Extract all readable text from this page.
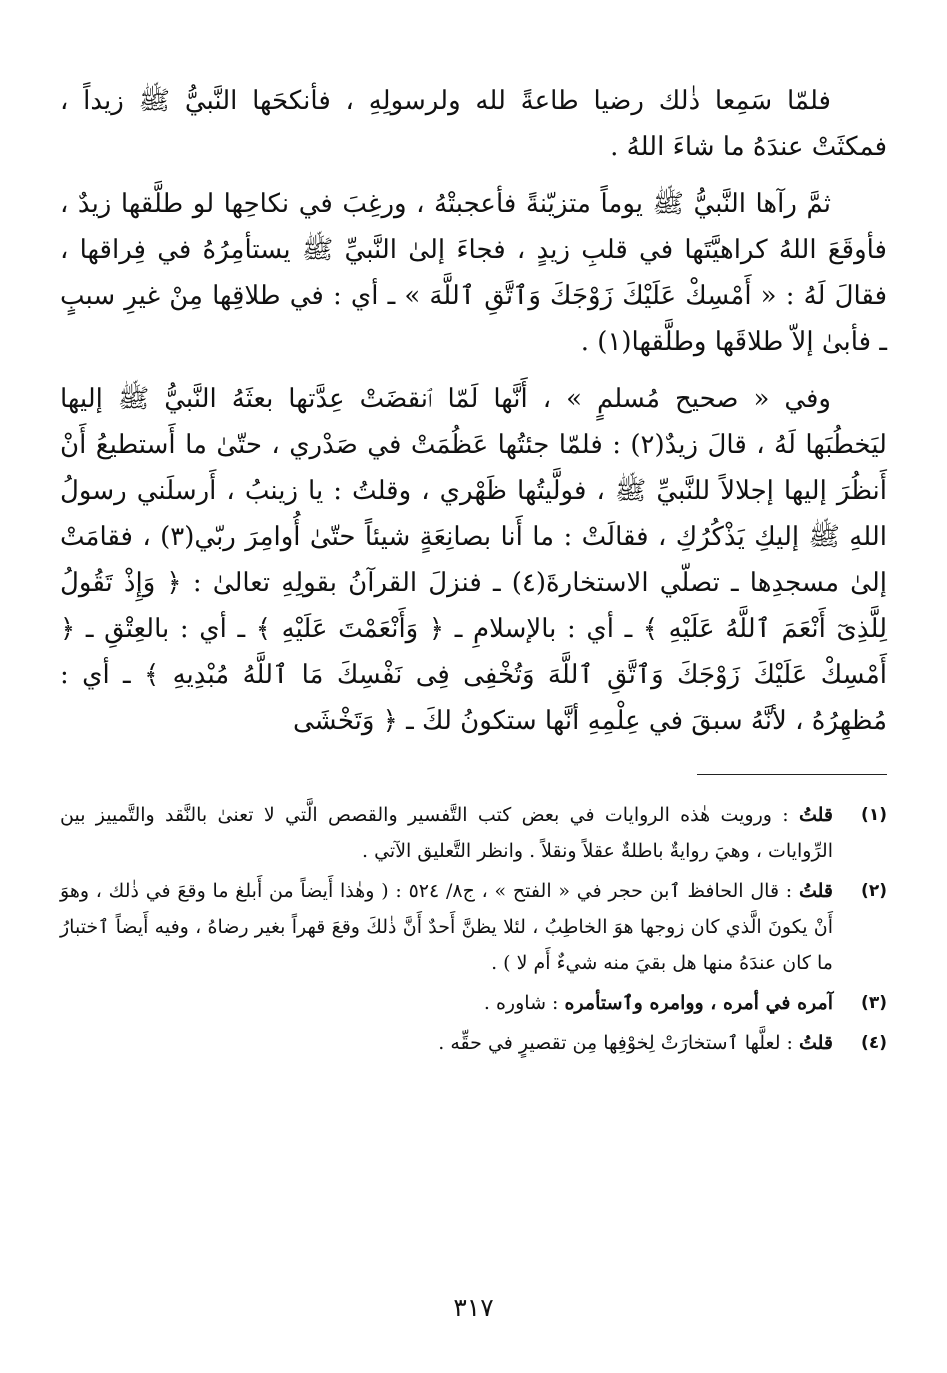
فلمّا سَمِعا ذٰلك رضيا طاعةً لله ولرسولِهِ ، فأنكحَها النَّبيُّ ﷺ زيداً ، فمكثَتْ عندَهُ ما شاءَ اللهُ .

ثمَّ رآها النَّبيُّ ﷺ يوماً متزيّنةً فأعجبتْهُ ، ورغِبَ في نكاحِها لو طلَّقها زيدٌ ، فأوقَعَ اللهُ كراهيَّتَها في قلبِ زيدٍ ، فجاءَ إلىٰ النَّبيِّ ﷺ يستأمِرُهُ في فِراقها ، فقالَ لَهُ : « أَمْسِكْ عَلَيْكَ زَوْجَكَ وَٱتَّقِ ٱللَّهَ » ـ أي : في طلاقِها مِنْ غيرِ سببٍ ـ فأبىٰ إلاّ طلاقَها وطلَّقها(١) .

وفي « صحيح مُسلمٍ » ، أَنَّها لَمّا ٱنقضَتْ عِدَّتها بعثَهُ النَّبيُّ ﷺ إليها ليَخطُبَها لَهُ ، قالَ زيدٌ(٢) : فلمّا جئتُها عَظُمَتْ في صَدْري ، حتّىٰ ما أَستطيعُ أَنْ أَنظُرَ إليها إجلالاً للنَّبيِّ ﷺ ، فولَّيتُها ظَهْري ، وقلتُ : يا زينبُ ، أَرسلَني رسولُ اللهِ ﷺ إليكِ يَذْكُرُكِ ، فقالَتْ : ما أَنا بصانِعَةٍ شيئاً حتّىٰ أُوامِرَ ربّي(٣) ، فقامَتْ إلىٰ مسجدِها ـ تصلّي الاستخارةَ(٤) ـ فنزلَ القرآنُ بقولِهِ تعالىٰ : ﴿ وَإِذْ تَقُولُ لِلَّذِىٓ أَنْعَمَ ٱللَّهُ عَلَيْهِ ﴾ ـ أي : بالإسلامِ ـ ﴿ وَأَنْعَمْتَ عَلَيْهِ ﴾ ـ أي : بالعِتْقِ ـ ﴿ أَمْسِكْ عَلَيْكَ زَوْجَكَ وَٱتَّقِ ٱللَّهَ وَتُخْفِى فِى نَفْسِكَ مَا ٱللَّهُ مُبْدِيهِ ﴾ ـ أي : مُظهِرُهُ ، لأنَّهُ سبقَ في عِلْمِهِ أنَّها ستكونُ لكَ ـ ﴿ وَتَخْشَى

(١)
قلتُ : ورويت هٰذه الروايات في بعض كتب التَّفسير والقصص الَّتي لا تعنىٰ بالنَّقد والتَّمييز بين الرِّوايات ، وهيَ روايةٌ باطلةٌ عقلاً ونقلاً . وانظر التَّعليق الآتي .
(٢)
قلتُ : قال الحافظ ٱبن حجر في « الفتح » ، ج٨/ ٥٢٤ : ( وهٰذا أَيضاً من أَبلغ ما وقعَ في ذٰلك ، وهوَ أَنْ يكونَ الَّذي كان زوجها هوَ الخاطِبُ ، لئلا يظنَّ أَحدٌ أَنَّ ذٰلكَ وقعَ قهراً بغير رضاهُ ، وفيه أَيضاً ٱختبارُ ما كان عندَهُ منها هل بقيَ منه شيءٌ أَم لا ) .
(٣)
آمره في أمره ، ووامره وٱستأمره : شاوره .
(٤)
قلتُ : لعلَّها ٱستخارَتْ لِخوْفِها مِن تقصيرٍ في حقِّه .
٣١٧
